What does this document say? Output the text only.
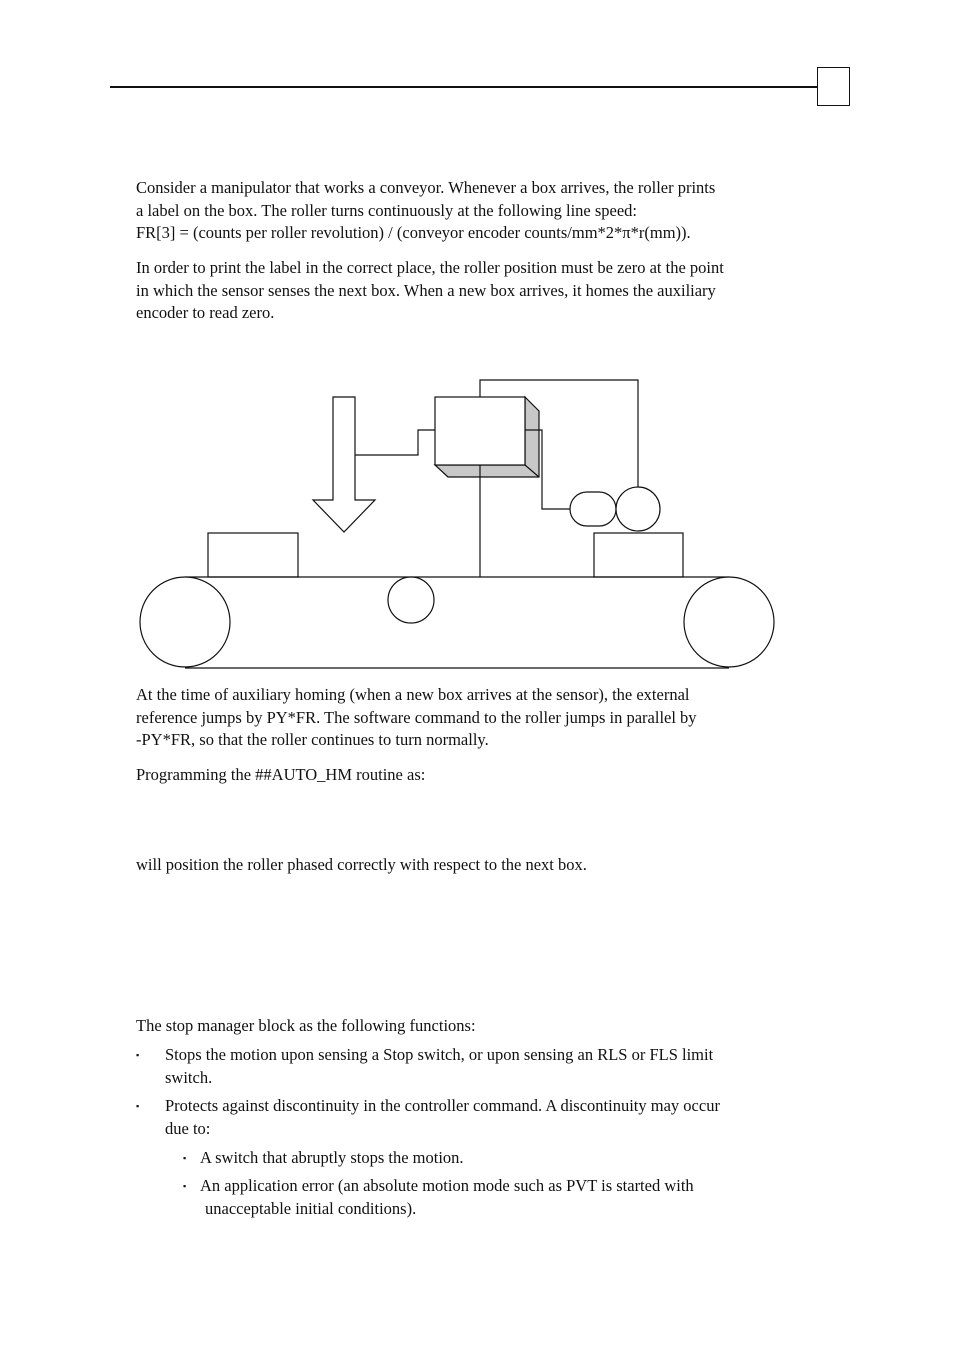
Consider a manipulator that works a conveyor. Whenever a box arrives, the roller prints
a label on the box. The roller turns continuously at the following line speed:
FR[3] = (counts per roller revolution) / (conveyor encoder counts/mm*2*π*r(mm)).

In order to print the label in the correct place, the roller position must be zero at the point
in which the sensor senses the next box. When a new box arrives, it homes the auxiliary
encoder to read zero.

At the time of auxiliary homing (when a new box arrives at the sensor), the external
reference jumps by PY*FR. The software command to the roller jumps in parallel by
-PY*FR, so that the roller continues to turn normally.

Programming the ##AUTO_HM routine as:

will position the roller phased correctly with respect to the next box.

The stop manager block as the following functions:

▪ Stops the motion upon sensing a Stop switch, or upon sensing an RLS or FLS limit
switch.
▪ Protects against discontinuity in the controller command. A discontinuity may occur
due to:
▪ A switch that abruptly stops the motion.
▪ An application error (an absolute motion mode such as PVT is started with
unacceptable initial conditions).
